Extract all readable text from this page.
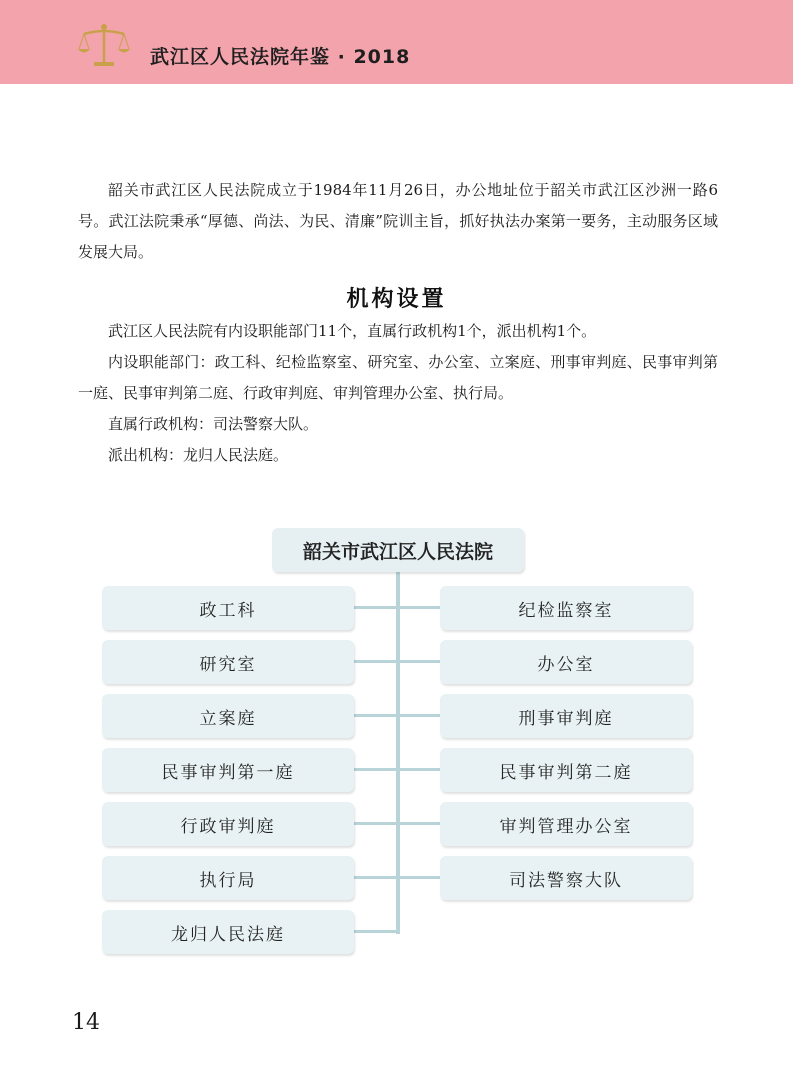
武江区人民法院年鉴 · 2018

韶关市武江区人民法院成立于1984年11月26日，办公地址位于韶关市武江区沙洲一路6号。武江法院秉承“厚德、尚法、为民、清廉”院训主旨，抓好执法办案第一要务，主动服务区域发展大局。

机构设置

武江区人民法院有内设职能部门11个，直属行政机构1个，派出机构1个。

内设职能部门：政工科、纪检监察室、研究室、办公室、立案庭、刑事审判庭、民事审判第一庭、民事审判第二庭、行政审判庭、审判管理办公室、执行局。

直属行政机构：司法警察大队。

派出机构：龙归人民法庭。

韶关市武江区人民法院
政工科
研究室
立案庭
民事审判第一庭
行政审判庭
执行局
龙归人民法庭
纪检监察室
办公室
刑事审判庭
民事审判第二庭
审判管理办公室
司法警察大队
14
